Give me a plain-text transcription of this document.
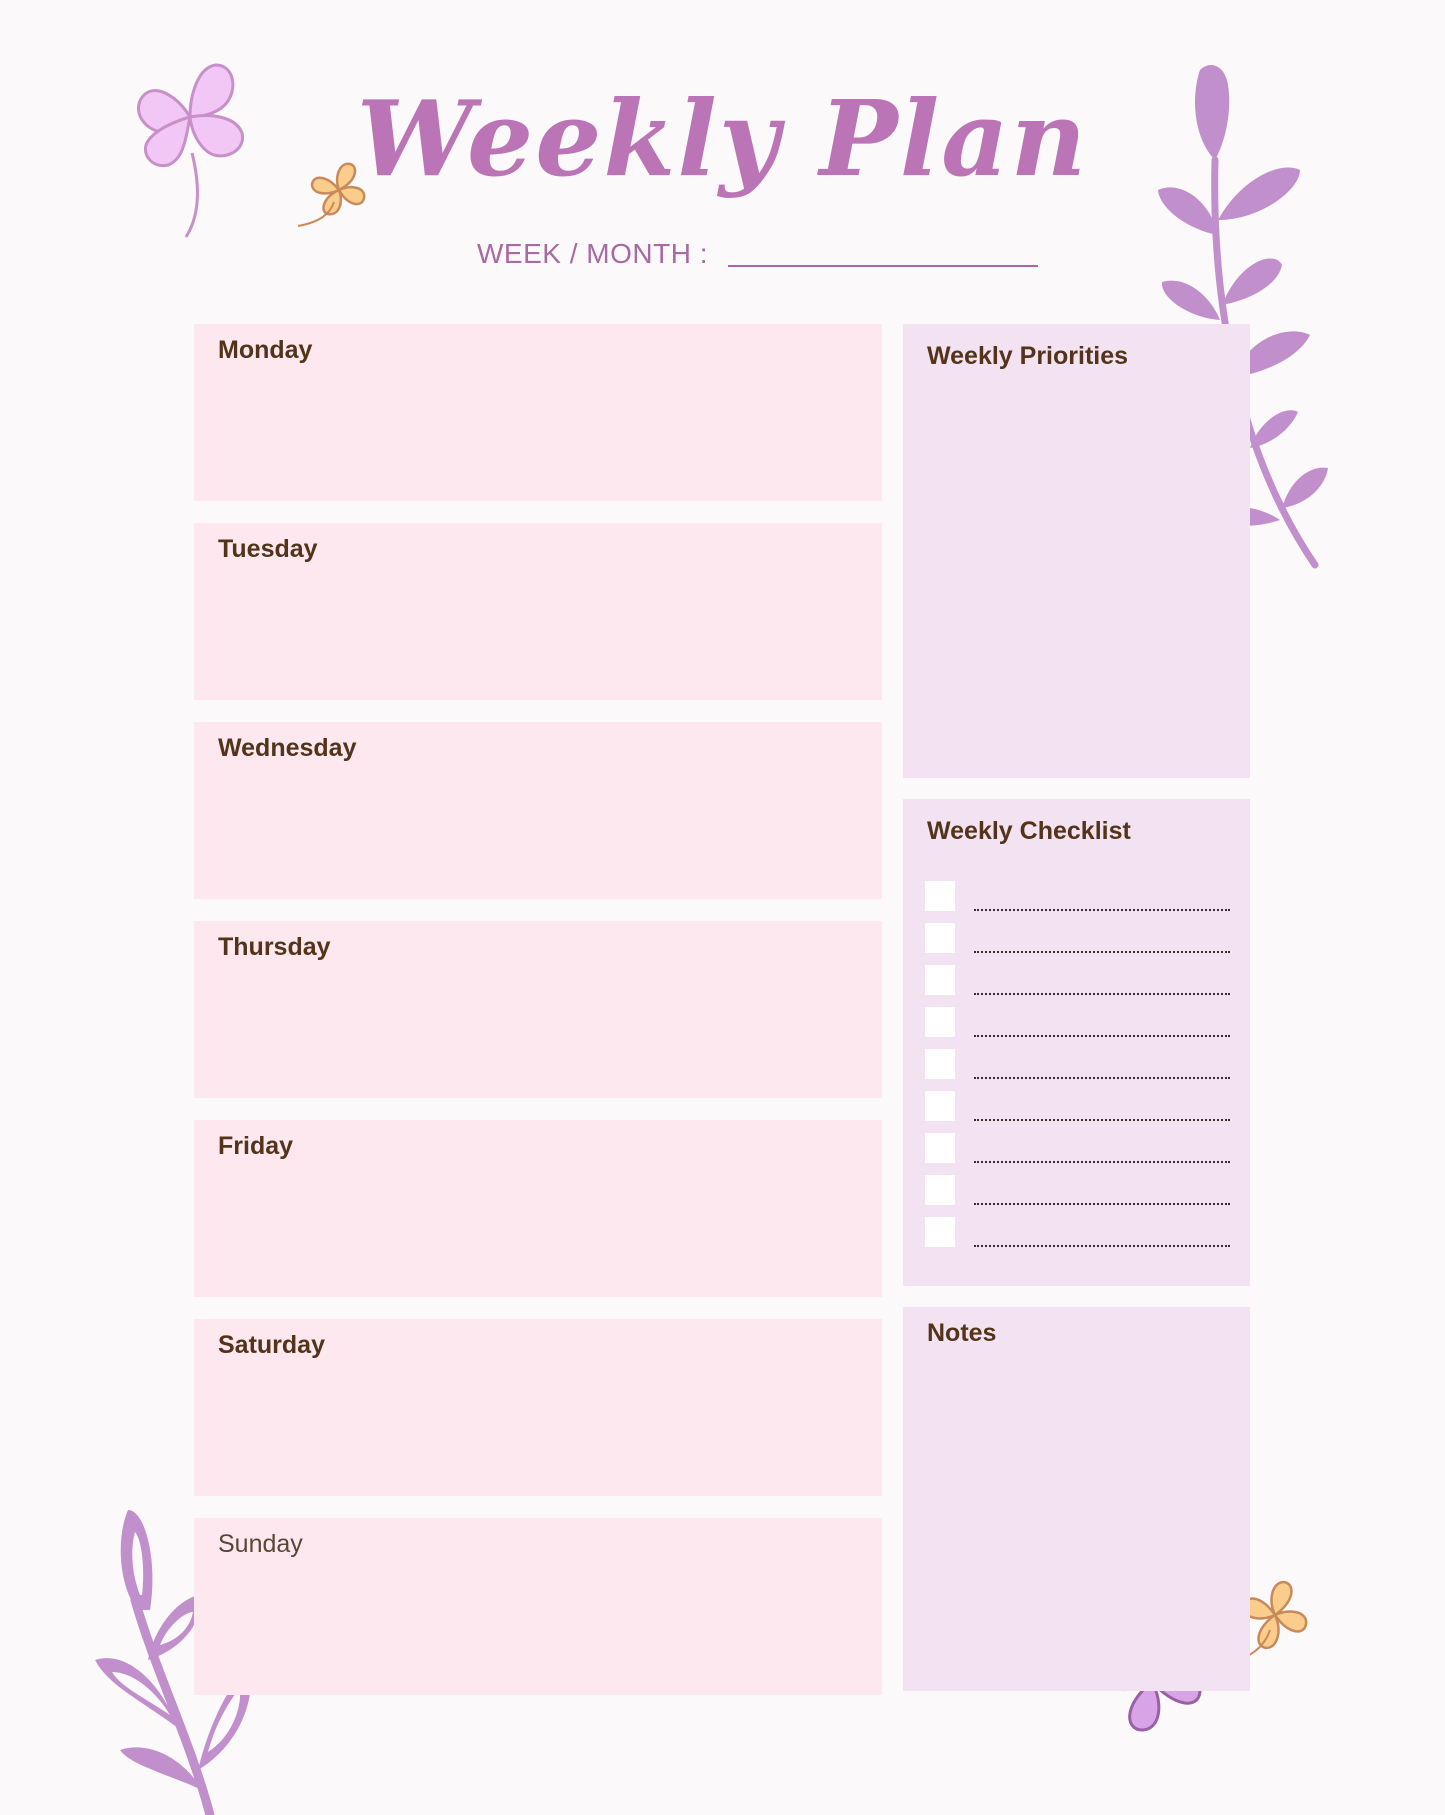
Weekly Plan
WEEK / MONTH :
Monday
Tuesday
Wednesday
Thursday
Friday
Saturday
Sunday
Weekly Priorities
Weekly Checklist
Notes
